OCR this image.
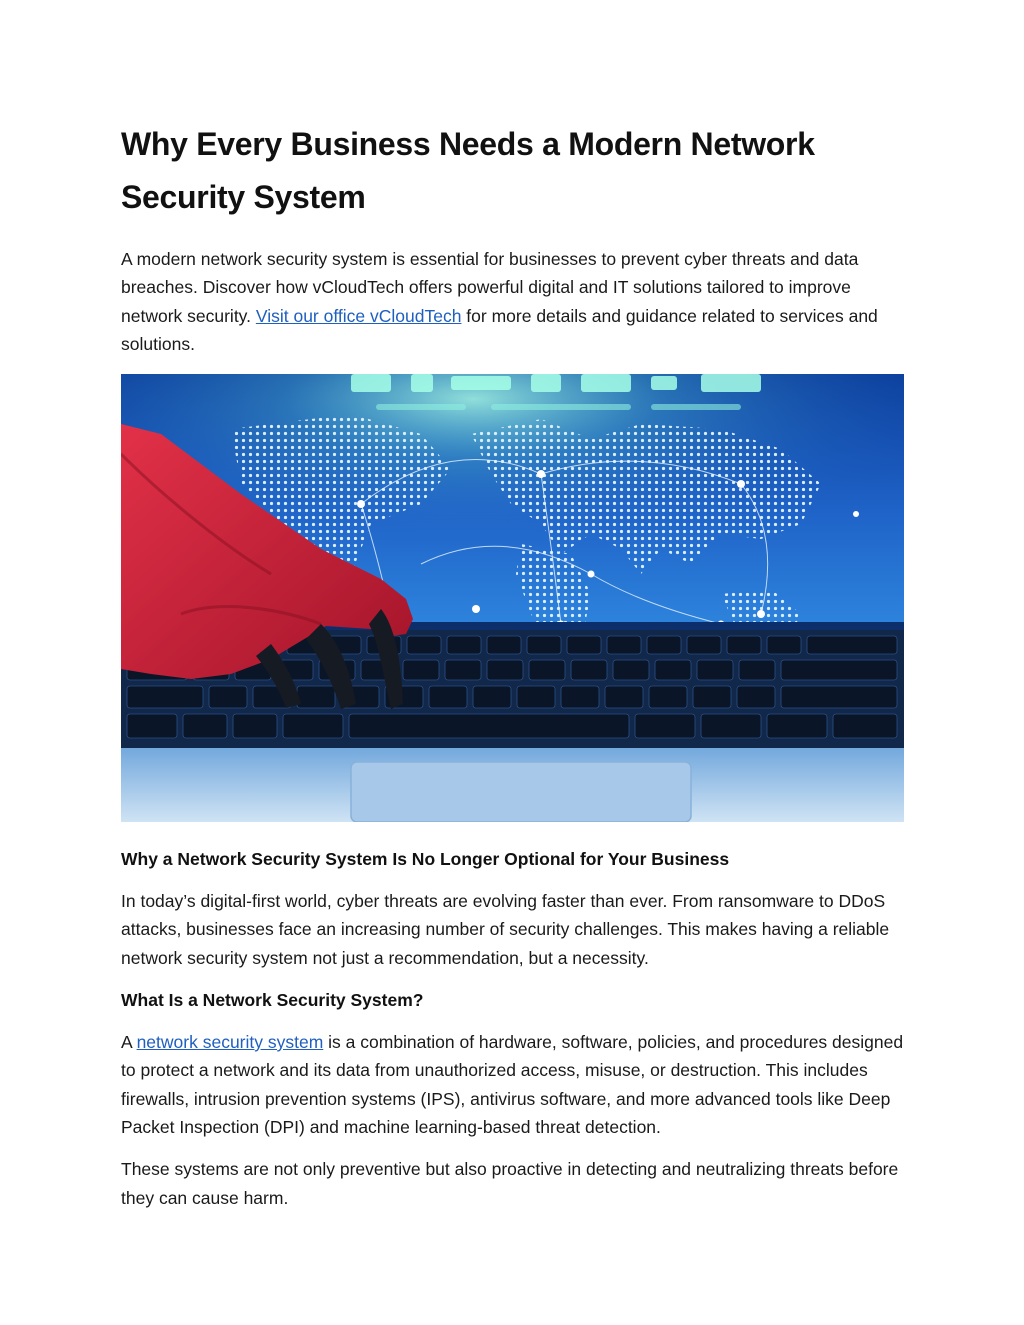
Why Every Business Needs a Modern Network Security System

A modern network security system is essential for businesses to prevent cyber threats and data breaches. Discover how vCloudTech offers powerful digital and IT solutions tailored to improve network security. Visit our office vCloudTech for more details and guidance related to services and solutions.

Why a Network Security System Is No Longer Optional for Your Business

In today’s digital-first world, cyber threats are evolving faster than ever. From ransomware to DDoS attacks, businesses face an increasing number of security challenges. This makes having a reliable network security system not just a recommendation, but a necessity.

What Is a Network Security System?

A network security system is a combination of hardware, software, policies, and procedures designed to protect a network and its data from unauthorized access, misuse, or destruction. This includes firewalls, intrusion prevention systems (IPS), antivirus software, and more advanced tools like Deep Packet Inspection (DPI) and machine learning-based threat detection.

These systems are not only preventive but also proactive in detecting and neutralizing threats before they can cause harm.
